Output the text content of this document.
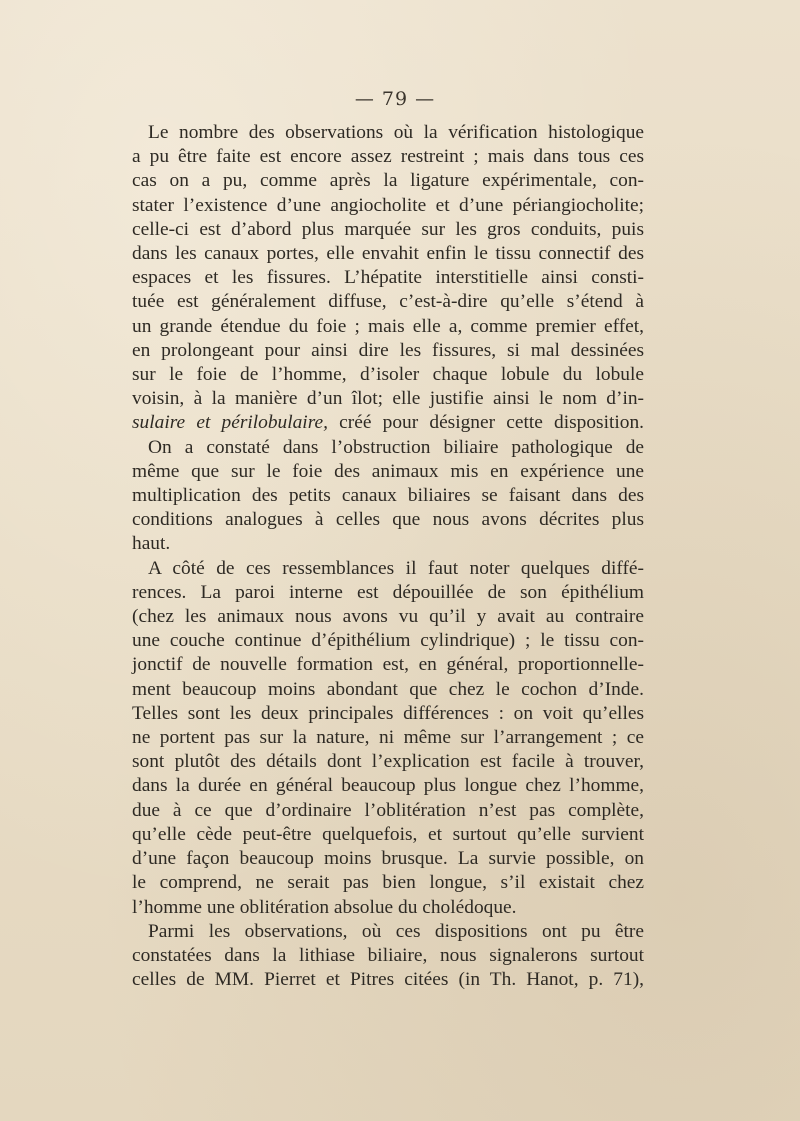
— 79 —

Le nombre des observations où la vérification histologique
a pu être faite est encore assez restreint ; mais dans tous ces
cas on a pu, comme après la ligature expérimentale, con-
stater l’existence d’une angiocholite et d’une périangiocholite;
celle-ci est d’abord plus marquée sur les gros conduits, puis
dans les canaux portes, elle envahit enfin le tissu connectif des
espaces et les fissures. L’hépatite interstitielle ainsi consti-
tuée est généralement diffuse, c’est-à-dire qu’elle s’étend à
un grande étendue du foie ; mais elle a, comme premier effet,
en prolongeant pour ainsi dire les fissures, si mal dessinées
sur le foie de l’homme, d’isoler chaque lobule du lobule
voisin, à la manière d’un îlot; elle justifie ainsi le nom d’in-
sulaire et périlobulaire, créé pour désigner cette disposition.

On a constaté dans l’obstruction biliaire pathologique de
même que sur le foie des animaux mis en expérience une
multiplication des petits canaux biliaires se faisant dans des
conditions analogues à celles que nous avons décrites plus
haut.

A côté de ces ressemblances il faut noter quelques diffé-
rences. La paroi interne est dépouillée de son épithélium
(chez les animaux nous avons vu qu’il y avait au contraire
une couche continue d’épithélium cylindrique) ; le tissu con-
jonctif de nouvelle formation est, en général, proportionnelle-
ment beaucoup moins abondant que chez le cochon d’Inde.
Telles sont les deux principales différences : on voit qu’elles
ne portent pas sur la nature, ni même sur l’arrangement ; ce
sont plutôt des détails dont l’explication est facile à trouver,
dans la durée en général beaucoup plus longue chez l’homme,
due à ce que d’ordinaire l’oblitération n’est pas complète,
qu’elle cède peut-être quelquefois, et surtout qu’elle survient
d’une façon beaucoup moins brusque. La survie possible, on
le comprend, ne serait pas bien longue, s’il existait chez
l’homme une oblitération absolue du cholédoque.

Parmi les observations, où ces dispositions ont pu être
constatées dans la lithiase biliaire, nous signalerons surtout
celles de MM. Pierret et Pitres citées (in Th. Hanot, p. 71),
